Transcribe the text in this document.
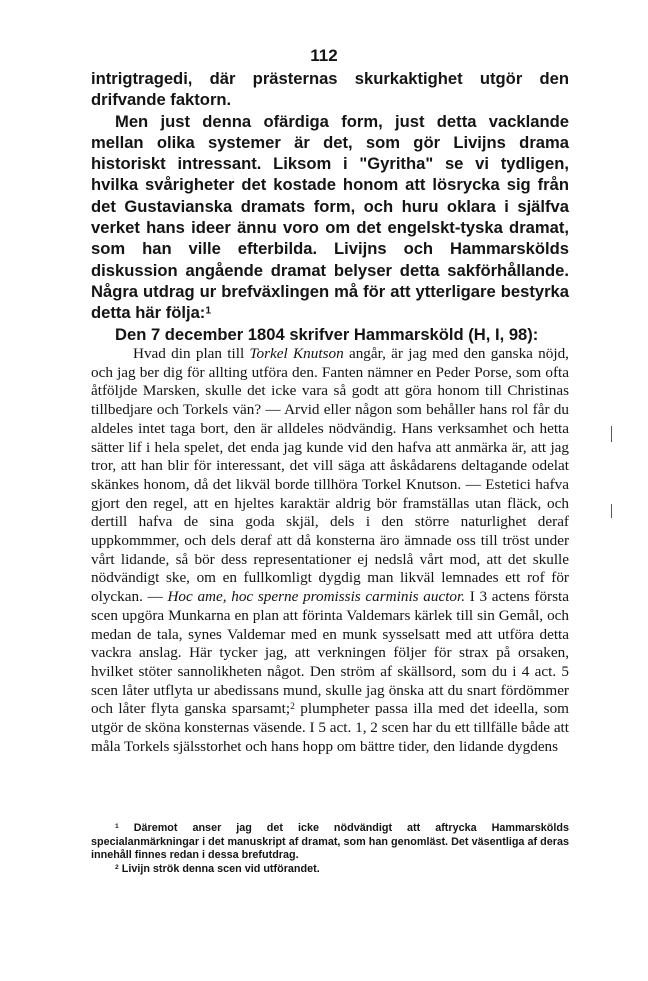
112

intrigtragedi, där prästernas skurkaktighet utgör den drifvande faktorn.

Men just denna ofärdiga form, just detta vacklande mellan olika systemer är det, som gör Livijns drama historiskt intressant. Liksom i "Gyritha" se vi tydligen, hvilka svårigheter det kostade honom att lösrycka sig från det Gustavianska dramats form, och huru oklara i själfva verket hans ideer ännu voro om det engelskt-tyska dramat, som han ville efterbilda. Livijns och Hammarskölds diskussion angående dramat belyser detta sakförhållande. Några utdrag ur brefväxlingen må för att ytterligare bestyrka detta här följa:$^1$

Den 7 december 1804 skrifver Hammarsköld (H, I, 98):

Hvad din plan till Torkel Knutson angår, är jag med den ganska nöjd, och jag ber dig för allting utföra den. Fanten nämner en Peder Porse, som ofta åtföljde Marsken, skulle det icke vara så godt att göra honom till Christinas tillbedjare och Torkels vän? — Arvid eller någon som behåller hans rol får du aldeles intet taga bort, den är alldeles nödvändig. Hans verksamhet och hetta sätter lif i hela spelet, det enda jag kunde vid den hafva att anmärka är, att jag tror, att han blir för interessant, det vill säga att åskådarens deltagande odelat skänkes honom, då det likväl borde tillhöra Torkel Knutson. — Estetici hafva gjort den regel, att en hjeltes karaktär aldrig bör framställas utan fläck, och dertill hafva de sina goda skjäl, dels i den större naturlighet deraf uppkommmer, och dels deraf att då konsterna äro ämnade oss till tröst under vårt lidande, så bör dess representationer ej nedslå vårt mod, att det skulle nödvändigt ske, om en fullkomligt dygdig man likväl lemnades ett rof för olyckan. — Hoc ame, hoc sperne promissis carminis auctor. I 3 actens första scen upgöra Munkarna en plan att förinta Valdemars kärlek till sin Gemål, och medan de tala, synes Valdemar med en munk sysselsatt med att utföra detta vackra anslag. Här tycker jag, att verkningen följer för strax på orsaken, hvilket stöter sannolikheten något. Den ström af skällsord, som du i 4 act. 5 scen låter utflyta ur abedissans mund, skulle jag önska att du snart fördömmer och låter flyta ganska sparsamt;$^2$ plumpheter passa illa med det ideella, som utgör de sköna konsternas väsende. I 5 act. 1, 2 scen har du ett tillfälle både att måla Torkels själsstorhet och hans hopp om bättre tider, den lidande dygdens

$^1$ Däremot anser jag det icke nödvändigt att aftrycka Hammarskölds specialanmärkningar i det manuskript af dramat, som han genomläst. Det väsentliga af deras innehåll finnes redan i dessa brefutdrag.

$^2$ Livijn strök denna scen vid utförandet.
